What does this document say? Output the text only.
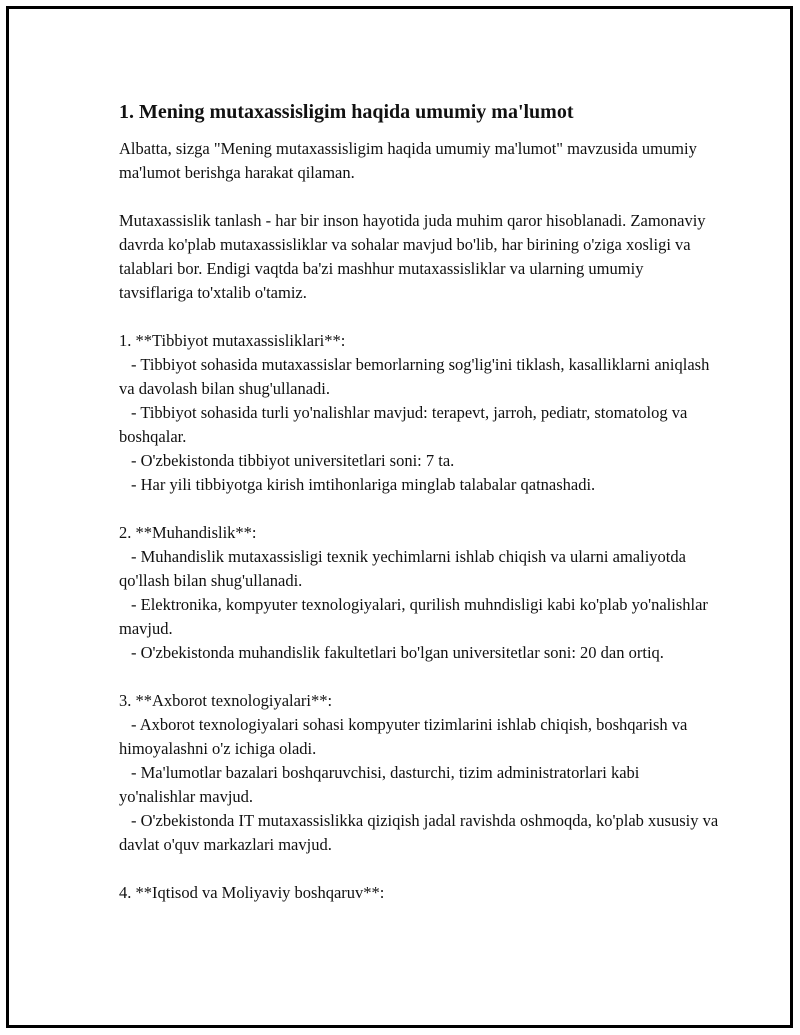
1. Mening mutaxassisligim haqida umumiy ma'lumot

Albatta, sizga "Mening mutaxassisligim haqida umumiy ma'lumot" mavzusida umumiy ma'lumot berishga harakat qilaman.

Mutaxassislik tanlash - har bir inson hayotida juda muhim qaror hisoblanadi. Zamonaviy davrda ko'plab mutaxassisliklar va sohalar mavjud bo'lib, har birining o'ziga xosligi va talablari bor. Endigi vaqtda ba'zi mashhur mutaxassisliklar va ularning umumiy tavsiflariga to'xtalib o'tamiz.

1. **Tibbiyot mutaxassisliklari**:

- Tibbiyot sohasida mutaxassislar bemorlarning sog'lig'ini tiklash, kasalliklarni aniqlash va davolash bilan shug'ullanadi.

- Tibbiyot sohasida turli yo'nalishlar mavjud: terapevt, jarroh, pediatr, stomatolog va boshqalar.

- O'zbekistonda tibbiyot universitetlari soni: 7 ta.

- Har yili tibbiyotga kirish imtihonlariga minglab talabalar qatnashadi.

2. **Muhandislik**:

- Muhandislik mutaxassisligi texnik yechimlarni ishlab chiqish va ularni amaliyotda qo'llash bilan shug'ullanadi.

- Elektronika, kompyuter texnologiyalari, qurilish muhndisligi kabi ko'plab yo'nalishlar mavjud.

- O'zbekistonda muhandislik fakultetlari bo'lgan universitetlar soni: 20 dan ortiq.

3. **Axborot texnologiyalari**:

- Axborot texnologiyalari sohasi kompyuter tizimlarini ishlab chiqish, boshqarish va himoyalashni o'z ichiga oladi.

- Ma'lumotlar bazalari boshqaruvchisi, dasturchi, tizim administratorlari kabi yo'nalishlar mavjud.

- O'zbekistonda IT mutaxassislikka qiziqish jadal ravishda oshmoqda, ko'plab xususiy va davlat o'quv markazlari mavjud.

4. **Iqtisod va Moliyaviy boshqaruv**:
